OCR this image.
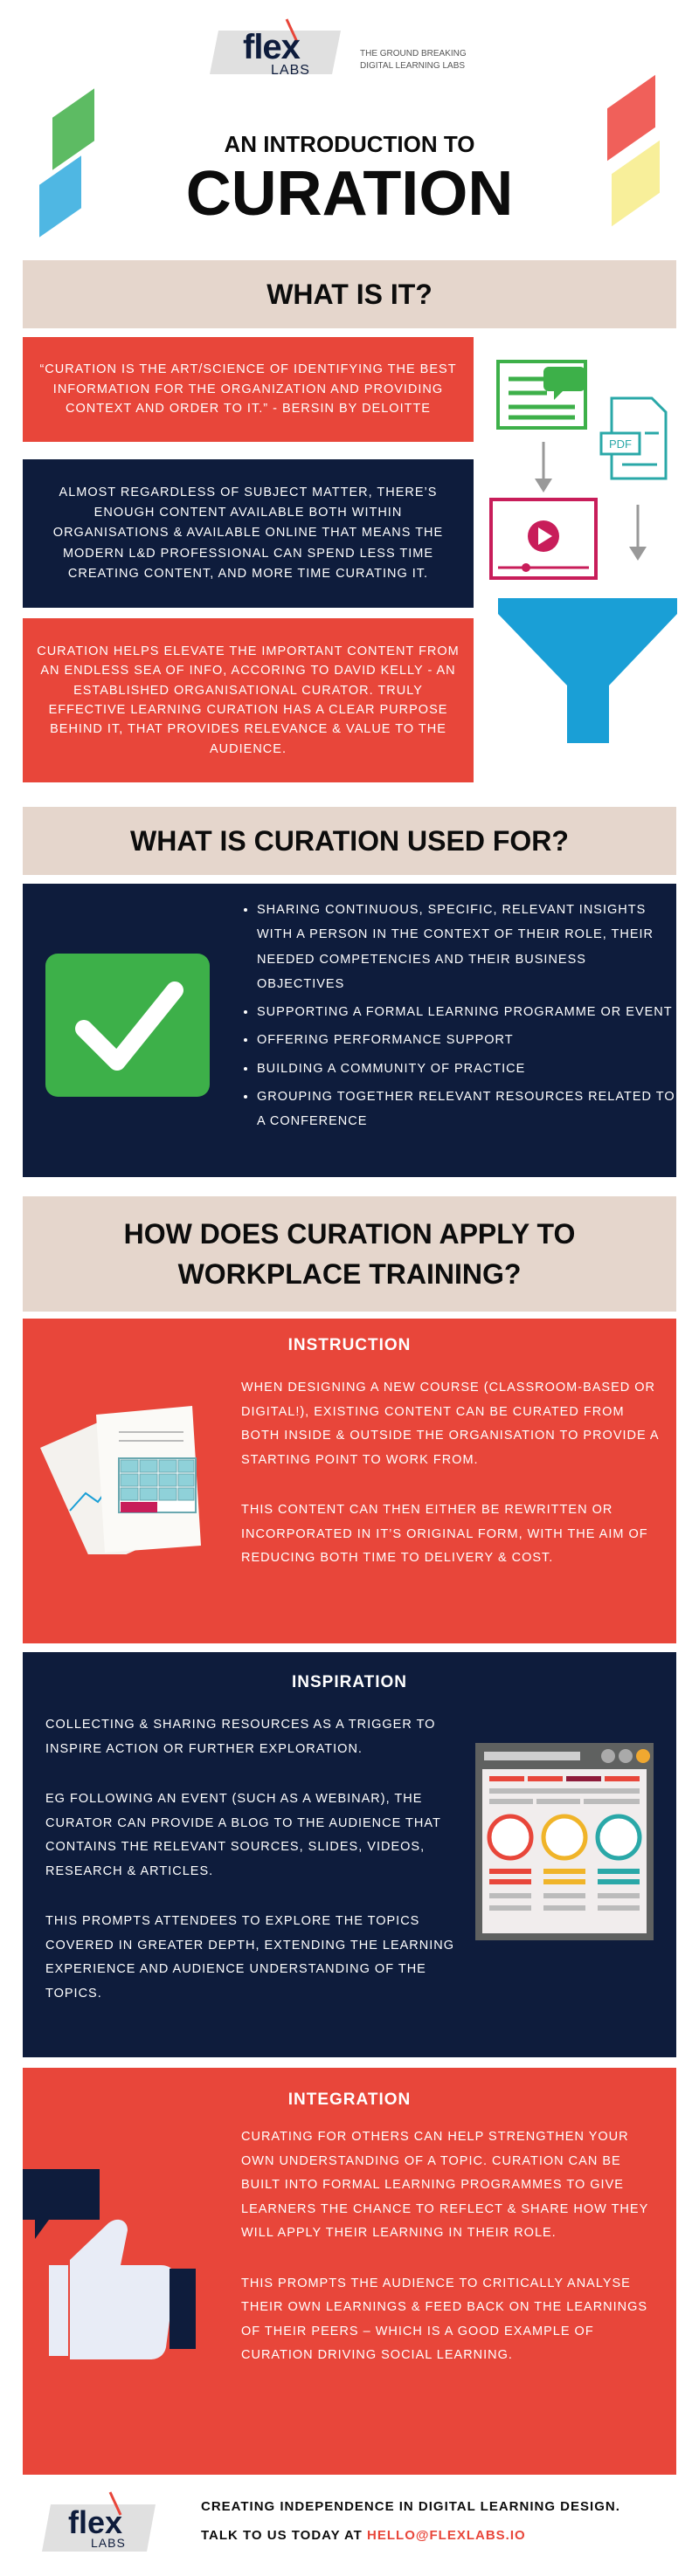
flex
LABS
THE GROUND BREAKING
DIGITAL LEARNING LABS
AN INTRODUCTION TO
CURATION
WHAT IS IT?
“CURATION IS THE ART/SCIENCE OF IDENTIFYING THE BEST INFORMATION FOR THE ORGANIZATION AND PROVIDING CONTEXT AND ORDER TO IT.” - BERSIN BY DELOITTE
ALMOST REGARDLESS OF SUBJECT MATTER, THERE’S ENOUGH CONTENT AVAILABLE BOTH WITHIN ORGANISATIONS & AVAILABLE ONLINE THAT MEANS THE MODERN L&D PROFESSIONAL CAN SPEND LESS TIME CREATING CONTENT, AND MORE TIME CURATING IT.
CURATION HELPS ELEVATE THE IMPORTANT CONTENT FROM AN ENDLESS SEA OF INFO, ACCORING TO DAVID KELLY - AN ESTABLISHED ORGANISATIONAL CURATOR. TRULY
EFFECTIVE LEARNING CURATION HAS A CLEAR PURPOSE BEHIND IT, THAT PROVIDES RELEVANCE & VALUE TO THE AUDIENCE.
PDF
WHAT IS CURATION USED FOR?
• SHARING CONTINUOUS, SPECIFIC, RELEVANT INSIGHTS WITH A PERSON IN THE CONTEXT OF THEIR ROLE, THEIR NEEDED COMPETENCIES AND THEIR BUSINESS OBJECTIVES
• SUPPORTING A FORMAL LEARNING PROGRAMME OR EVENT
• OFFERING PERFORMANCE SUPPORT
• BUILDING A COMMUNITY OF PRACTICE
• GROUPING TOGETHER RELEVANT RESOURCES RELATED TO A CONFERENCE
HOW DOES CURATION APPLY TO
WORKPLACE TRAINING?
INSTRUCTION

WHEN DESIGNING A NEW COURSE (CLASSROOM-BASED OR DIGITAL!), EXISTING CONTENT CAN BE CURATED FROM BOTH INSIDE & OUTSIDE THE ORGANISATION TO PROVIDE A STARTING POINT TO WORK FROM.

THIS CONTENT CAN THEN EITHER BE REWRITTEN OR INCORPORATED IN IT’S ORIGINAL FORM, WITH THE AIM OF REDUCING BOTH TIME TO DELIVERY & COST.

INSPIRATION

COLLECTING & SHARING RESOURCES AS A TRIGGER TO INSPIRE ACTION OR FURTHER EXPLORATION.

EG FOLLOWING AN EVENT (SUCH AS A WEBINAR), THE CURATOR CAN PROVIDE A BLOG TO THE AUDIENCE THAT CONTAINS THE RELEVANT SOURCES, SLIDES, VIDEOS, RESEARCH & ARTICLES.

THIS PROMPTS ATTENDEES TO EXPLORE THE TOPICS COVERED IN GREATER DEPTH, EXTENDING THE LEARNING EXPERIENCE AND AUDIENCE UNDERSTANDING OF THE TOPICS.

INTEGRATION

CURATING FOR OTHERS CAN HELP STRENGTHEN YOUR OWN UNDERSTANDING OF A TOPIC. CURATION CAN BE BUILT INTO FORMAL LEARNING PROGRAMMES TO GIVE LEARNERS THE CHANCE TO REFLECT & SHARE HOW THEY WILL APPLY THEIR LEARNING IN THEIR ROLE.

THIS PROMPTS THE AUDIENCE TO CRITICALLY ANALYSE THEIR OWN LEARNINGS & FEED BACK ON THE LEARNINGS OF THEIR PEERS – WHICH IS A GOOD EXAMPLE OF CURATION DRIVING SOCIAL LEARNING.

flex
LABS
CREATING INDEPENDENCE IN DIGITAL LEARNING DESIGN.
TALK TO US TODAY AT HELLO@FLEXLABS.IO
